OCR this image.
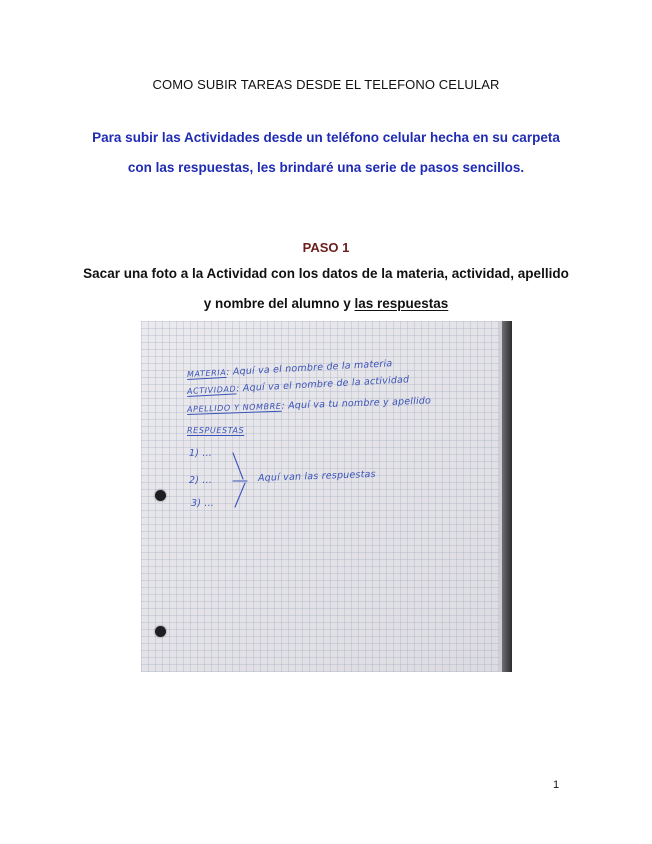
COMO SUBIR TAREAS DESDE EL TELEFONO CELULAR
Para subir las Actividades desde un teléfono celular hecha en su carpeta
con las respuestas, les brindaré una serie de pasos sencillos.
PASO 1
Sacar una foto a la Actividad con los datos de la materia, actividad, apellido
y nombre del alumno y las respuestas
MATERIA: Aquí va el nombre de la materia
ACTIVIDAD: Aquí va el nombre de la actividad
APELLIDO Y NOMBRE: Aquí va tu nombre y apellido
RESPUESTAS
1) ...
2) ...
3) ...
Aquí van las respuestas
1
